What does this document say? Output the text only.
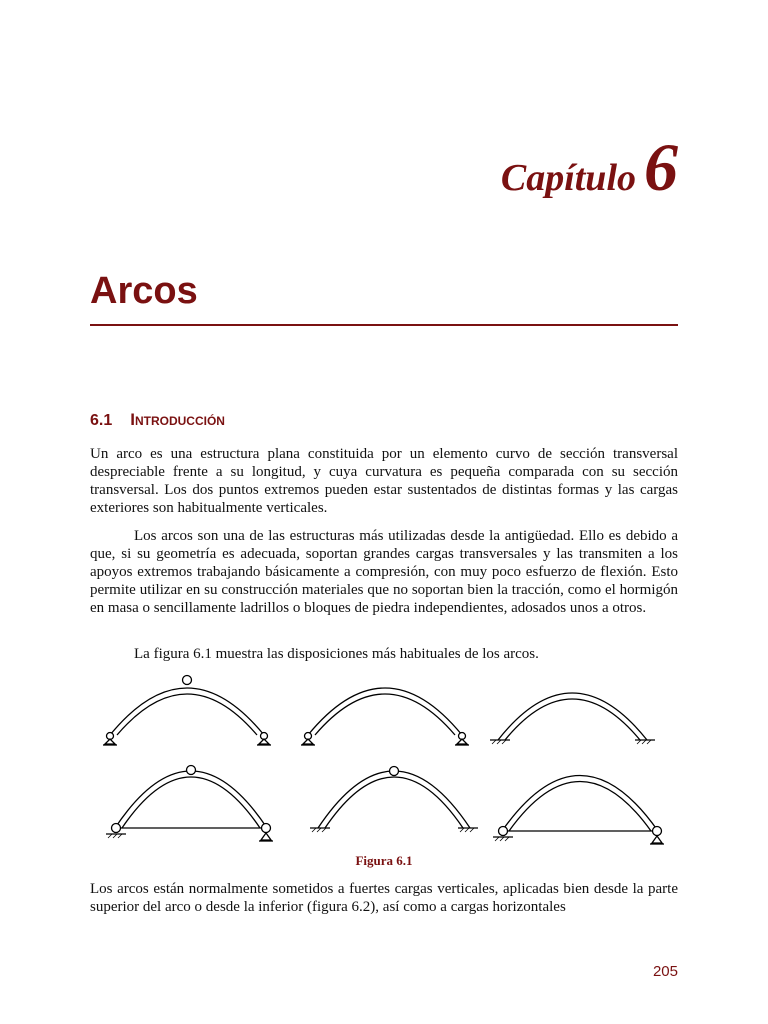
Capítulo 6
Arcos
6.1 Introducción

Un arco es una estructura plana constituida por un elemento curvo de sección transversal despreciable frente a su longitud, y cuya curvatura es pequeña comparada con su sección transversal. Los dos puntos extremos pueden estar sustentados de distintas formas y las cargas exteriores son habitualmente verticales.

Los arcos son una de las estructuras más utilizadas desde la antigüedad. Ello es debido a que, si su geometría es adecuada, soportan grandes cargas transversales y las transmiten a los apoyos extremos trabajando básicamente a compresión, con muy poco esfuerzo de flexión. Esto permite utilizar en su construcción materiales que no soportan bien la tracción, como el hormigón en masa o sencillamente ladrillos o bloques de piedra independientes, adosados unos a otros.

La figura 6.1 muestra las disposiciones más habituales de los arcos.

Figura 6.1

Los arcos están normalmente sometidos a fuertes cargas verticales, aplicadas bien desde la parte superior del arco o desde la inferior (figura 6.2), así como a cargas horizontales

205
